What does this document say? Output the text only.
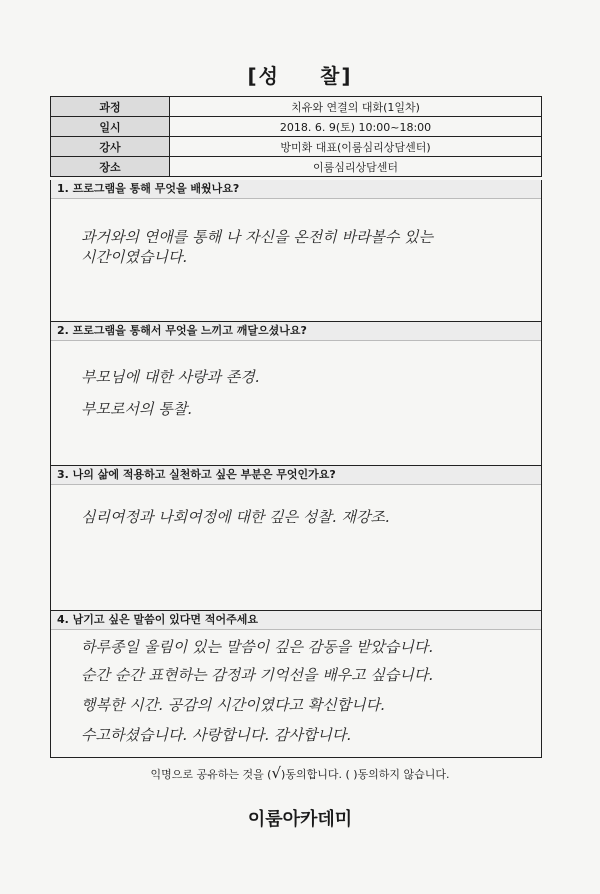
[성 찰]
과정	치유와 연결의 대화(1일차)
일시	2018. 6. 9(토) 10:00~18:00
강사	방미화 대표(이룸심리상담센터)
장소	이룸심리상담센터
1. 프로그램을 통해 무엇을 배웠나요?
과거와의 연애를 통해 나 자신을 온전히 바라볼수 있는
시간이였습니다.
2. 프로그램을 통해서 무엇을 느끼고 깨달으셨나요?
부모님에 대한 사랑과 존경.
부모로서의 통찰.
3. 나의 삶에 적용하고 실천하고 싶은 부분은 무엇인가요?
심리여정과 나회여정에 대한 깊은 성찰. 재강조.
4. 남기고 싶은 말씀이 있다면 적어주세요
하루종일 울림이 있는 말씀이 깊은 감동을 받았습니다.
순간 순간 표현하는 감정과 기억선을 배우고 싶습니다.
행복한 시간. 공감의 시간이였다고 확신합니다.
수고하셨습니다. 사랑합니다. 감사합니다.
익명으로 공유하는 것을 (√)동의합니다. ( )동의하지 않습니다.
이룸아카데미
